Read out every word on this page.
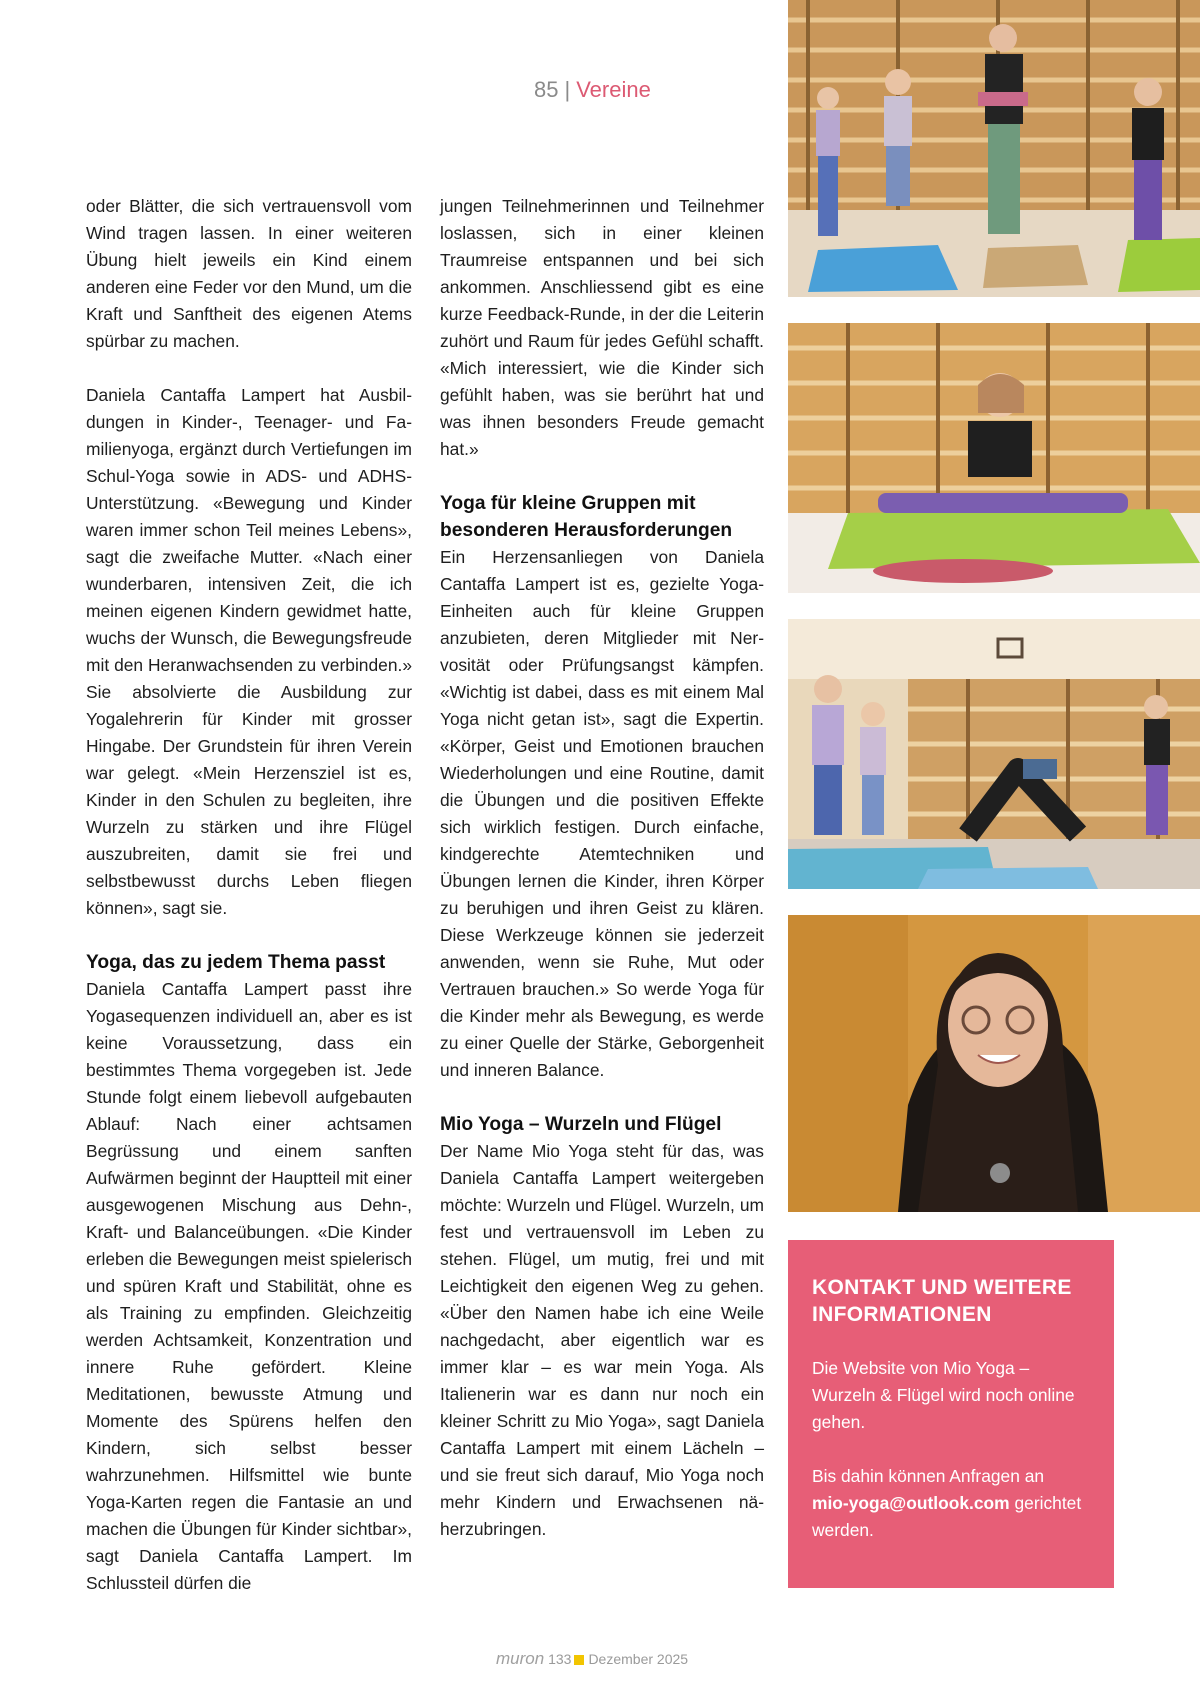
85 | Vereine

oder Blätter, die sich vertrauensvoll vom Wind tragen lassen. In einer weiteren Übung hielt jeweils ein Kind einem anderen eine Feder vor den Mund, um die Kraft und Sanftheit des eigenen Atems spürbar zu machen.

Daniela Cantaffa Lampert hat Ausbildungen in Kinder-, Teenager- und Familienyoga, ergänzt durch Vertiefungen im Schul-Yoga sowie in ADS- und ADHS-Unterstützung. «Bewegung und Kinder waren immer schon Teil meines Lebens», sagt die zweifache Mutter. «Nach einer wunderbaren, intensiven Zeit, die ich meinen eigenen Kindern gewidmet hatte, wuchs der Wunsch, die Bewegungsfreude mit den Heranwachsenden zu verbinden.» Sie absolvierte die Ausbildung zur Yogalehrerin für Kinder mit grosser Hingabe. Der Grundstein für ihren Verein war gelegt. «Mein Herzensziel ist es, Kinder in den Schulen zu begleiten, ihre Wurzeln zu stärken und ihre Flügel auszubreiten, damit sie frei und selbstbewusst durchs Leben fliegen können», sagt sie.

Yoga, das zu jedem Thema passt

Daniela Cantaffa Lampert passt ihre Yogasequenzen individuell an, aber es ist keine Voraussetzung, dass ein bestimmtes Thema vorgegeben ist. Jede Stunde folgt einem liebevoll aufgebauten Ablauf: Nach einer achtsamen Begrüssung und einem sanften Aufwärmen beginnt der Hauptteil mit einer ausgewogenen Mischung aus Dehn-, Kraft- und Balanceübungen. «Die Kinder erleben die Bewegungen meist spielerisch und spüren Kraft und Stabilität, ohne es als Training zu empfinden. Gleichzeitig werden Achtsamkeit, Konzentration und innere Ruhe gefördert. Kleine Meditationen, bewusste Atmung und Momente des Spürens helfen den Kindern, sich selbst besser wahrzunehmen. Hilfsmittel wie bunte Yoga-Karten regen die Fantasie an und machen die Übungen für Kinder sichtbar», sagt Daniela Cantaffa Lampert. Im Schlussteil dürfen die

jungen Teilnehmerinnen und Teilnehmer loslassen, sich in einer kleinen Traumreise entspannen und bei sich ankommen. Anschliessend gibt es eine kurze Feedback-Runde, in der die Leiterin zuhört und Raum für jedes Gefühl schafft. «Mich interessiert, wie die Kinder sich gefühlt haben, was sie berührt hat und was ihnen besonders Freude gemacht hat.»

Yoga für kleine Gruppen mit besonderen Herausforderungen

Ein Herzensanliegen von Daniela Cantaffa Lampert ist es, gezielte Yoga-Einheiten auch für kleine Gruppen anzubieten, deren Mitglieder mit Nervosität oder Prüfungsangst kämpfen. «Wichtig ist dabei, dass es mit einem Mal Yoga nicht getan ist», sagt die Expertin. «Körper, Geist und Emotionen brauchen Wiederholungen und eine Routine, damit die Übungen und die positiven Effekte sich wirklich festigen. Durch einfache, kindgerechte Atemtechniken und Übungen lernen die Kinder, ihren Körper zu beruhigen und ihren Geist zu klären. Diese Werkzeuge können sie jederzeit anwenden, wenn sie Ruhe, Mut oder Vertrauen brauchen.» So werde Yoga für die Kinder mehr als Bewegung, es werde zu einer Quelle der Stärke, Geborgenheit und inneren Balance.

Mio Yoga – Wurzeln und Flügel

Der Name Mio Yoga steht für das, was Daniela Cantaffa Lampert weitergeben möchte: Wurzeln und Flügel. Wurzeln, um fest und vertrauensvoll im Leben zu stehen. Flügel, um mutig, frei und mit Leichtigkeit den eigenen Weg zu gehen. «Über den Namen habe ich eine Weile nachgedacht, aber eigentlich war es immer klar – es war mein Yoga. Als Italienerin war es dann nur noch ein kleiner Schritt zu Mio Yoga», sagt Daniela Cantaffa Lampert mit einem Lächeln – und sie freut sich darauf, Mio Yoga noch mehr Kindern und Erwachsenen näherzubringen.

KONTAKT UND WEITERE INFORMATIONEN

Die Website von Mio Yoga – Wurzeln & Flügel wird noch online gehen.

Bis dahin können Anfragen an mio-yoga@outlook.com gerichtet werden.

muron 133 Dezember 2025
